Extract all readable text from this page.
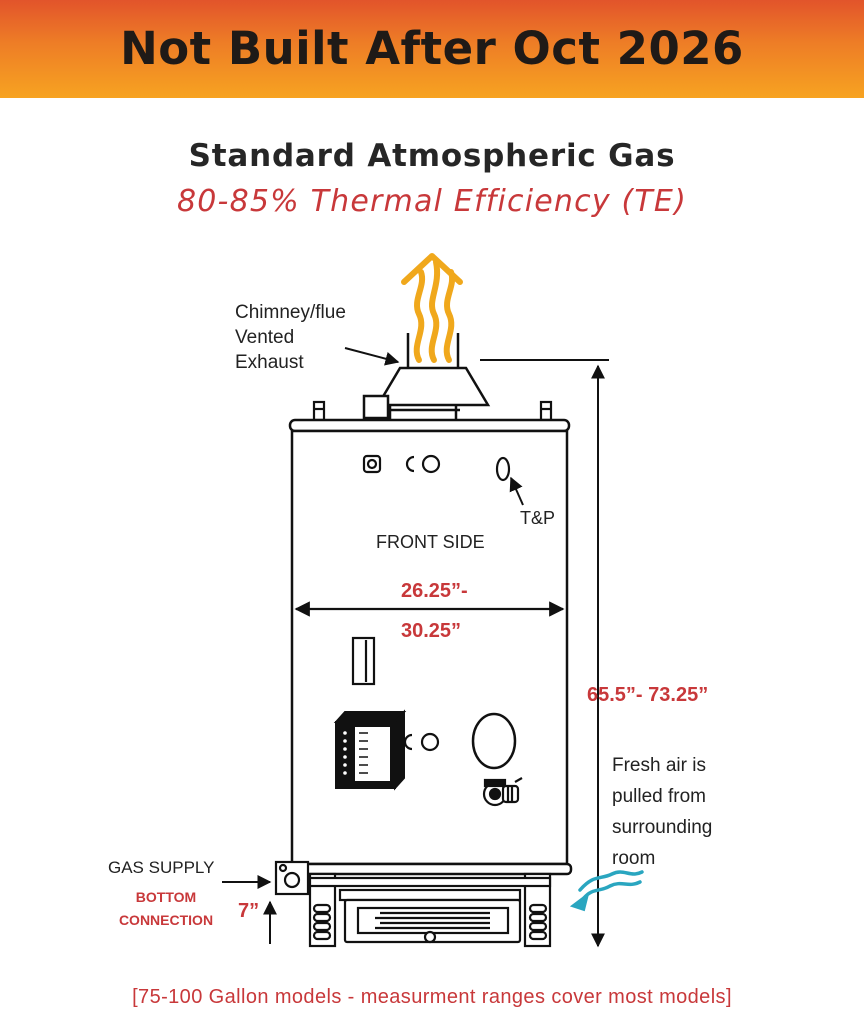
Not Built After Oct 2026
Standard Atmospheric Gas
80-85% Thermal Efficiency (TE)
Chimney/flue
Vented
Exhaust
T&P
FRONT SIDE
26.25”-
30.25”
65.5”- 73.25”
Fresh air is
pulled from
surrounding
room
GAS SUPPLY
BOTTOM
CONNECTION	7”
[75-100 Gallon models - measurment ranges cover most models]
